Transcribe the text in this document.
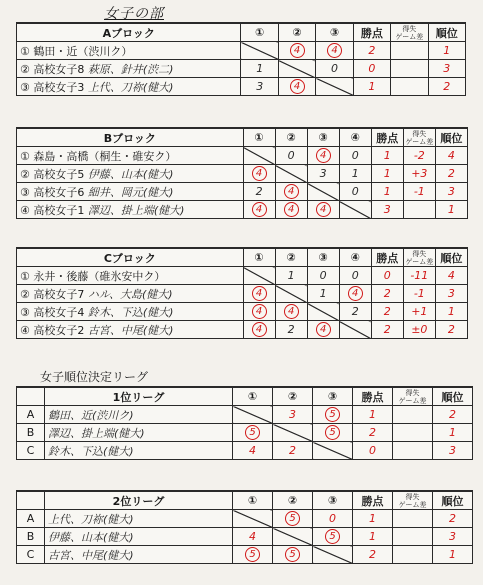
女子の部
Aブロック	①	②	③	勝点	得失
ゲーム差	順位
① 鶴田・近（渋川ク）		4	4	2		1
② 高校女子8 萩原、針井(渋二)	1		0	0		3
③ 高校女子3 上代、刀祢(健大)	3	4		1		2
Bブロック	①	②	③	④	勝点	得失
ゲーム差	順位
① 森島・高橋（桐生・碓安ク）		0	4	0	1	-2	4
② 高校女子5 伊藤、山本(健大)	4		3	1	1	+3	2
③ 高校女子6 細井、岡元(健大)	2	4		0	1	-1	3
④ 高校女子1 澤辺、掛上端(健大)	4	4	4		3		1
Cブロック	①	②	③	④	勝点	得失
ゲーム差	順位
① 永井・後藤（碓氷安中ク）		1	0	0	0	-11	4
② 高校女子7 ハル、大島(健大)	4		1	4	2	-1	3
③ 高校女子4 鈴木、下込(健大)	4	4		2	2	+1	1
④ 高校女子2 古宮、中尾(健大)	4	2	4		2	±0	2
女子順位決定リーグ
	1位リーグ	①	②	③	勝点	得失
ゲーム差	順位
A	鶴田、近(渋川ク)		3	5	1		2
B	澤辺、掛上端(健大)	5		5	2		1
C	鈴木、下込(健大)	4	2		0		3
	2位リーグ	①	②	③	勝点	得失
ゲーム差	順位
A	上代、刀祢(健大)		5	0	1		2
B	伊藤、山本(健大)	4		5	1		3
C	古宮、中尾(健大)	5	5		2		1
